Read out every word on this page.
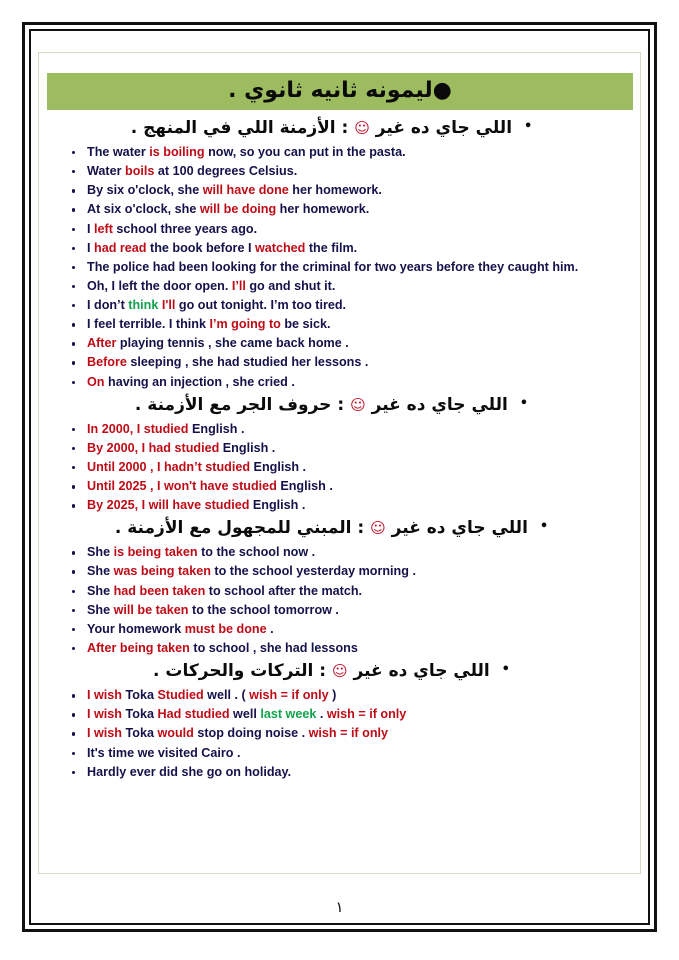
●ليمونه ثانيه ثانوي .
• اللي جاي ده غير ☺ : الأزمنة اللي في المنهج .
The water is boiling now, so you can put in the pasta.
Water boils at 100 degrees Celsius.
By six o'clock, she will have done her homework.
At six o'clock, she will be doing her homework.
I left school three years ago.
I had read the book before I watched the film.
The police had been looking for the criminal for two years before they caught him.
Oh, I left the door open. I’ll go and shut it.
I don’t think I'll go out tonight. I’m too tired.
I feel terrible. I think I’m going to be sick.
After playing tennis , she came back home .
Before sleeping , she had studied her lessons .
On having an injection , she cried .
• اللي جاي ده غير ☺ : حروف الجر مع الأزمنة .
In 2000, I studied English .
By 2000, I had studied English .
Until 2000 , I hadn’t studied English .
Until 2025 , I won't have studied English .
By 2025, I will have studied English .
• اللي جاي ده غير ☺ : المبني للمجهول مع الأزمنة .
She is being taken to the school now .
She was being taken to the school yesterday morning .
She had been taken to school after the match.
She will be taken to the school tomorrow .
Your homework must be done .
After being taken to school , she had lessons
• اللي جاي ده غير ☺ : التركات والحركات .
I wish Toka Studied well . ( wish = if only )
I wish Toka Had studied well last week . wish = if only
I wish Toka would stop doing noise . wish = if only
It's time we visited Cairo .
Hardly ever did she go on holiday.
١
